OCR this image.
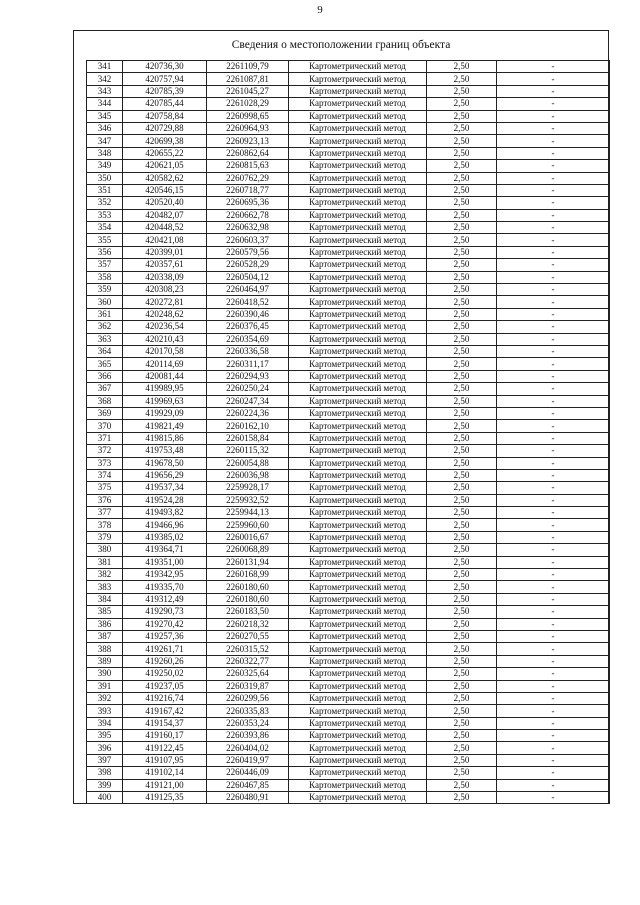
9
Сведения о местоположении границ объекта
341	420736,30	2261109,79	Картометрический метод	2,50	-
342	420757,94	2261087,81	Картометрический метод	2,50	-
343	420785,39	2261045,27	Картометрический метод	2,50	-
344	420785,44	2261028,29	Картометрический метод	2,50	-
345	420758,84	2260998,65	Картометрический метод	2,50	-
346	420729,88	2260964,93	Картометрический метод	2,50	-
347	420699,38	2260923,13	Картометрический метод	2,50	-
348	420655,22	2260862,64	Картометрический метод	2,50	-
349	420621,05	2260815,63	Картометрический метод	2,50	-
350	420582,62	2260762,29	Картометрический метод	2,50	-
351	420546,15	2260718,77	Картометрический метод	2,50	-
352	420520,40	2260695,36	Картометрический метод	2,50	-
353	420482,07	2260662,78	Картометрический метод	2,50	-
354	420448,52	2260632,98	Картометрический метод	2,50	-
355	420421,08	2260603,37	Картометрический метод	2,50	-
356	420399,01	2260579,56	Картометрический метод	2,50	-
357	420357,61	2260528,29	Картометрический метод	2,50	-
358	420338,09	2260504,12	Картометрический метод	2,50	-
359	420308,23	2260464,97	Картометрический метод	2,50	-
360	420272,81	2260418,52	Картометрический метод	2,50	-
361	420248,62	2260390,46	Картометрический метод	2,50	-
362	420236,54	2260376,45	Картометрический метод	2,50	-
363	420210,43	2260354,69	Картометрический метод	2,50	-
364	420170,58	2260336,58	Картометрический метод	2,50	-
365	420114,69	2260311,17	Картометрический метод	2,50	-
366	420081,44	2260294,93	Картометрический метод	2,50	-
367	419989,95	2260250,24	Картометрический метод	2,50	-
368	419969,63	2260247,34	Картометрический метод	2,50	-
369	419929,09	2260224,36	Картометрический метод	2,50	-
370	419821,49	2260162,10	Картометрический метод	2,50	-
371	419815,86	2260158,84	Картометрический метод	2,50	-
372	419753,48	2260115,32	Картометрический метод	2,50	-
373	419678,50	2260054,88	Картометрический метод	2,50	-
374	419656,29	2260036,98	Картометрический метод	2,50	-
375	419537,34	2259928,17	Картометрический метод	2,50	-
376	419524,28	2259932,52	Картометрический метод	2,50	-
377	419493,82	2259944,13	Картометрический метод	2,50	-
378	419466,96	2259960,60	Картометрический метод	2,50	-
379	419385,02	2260016,67	Картометрический метод	2,50	-
380	419364,71	2260068,89	Картометрический метод	2,50	-
381	419351,00	2260131,94	Картометрический метод	2,50	-
382	419342,95	2260168,99	Картометрический метод	2,50	-
383	419335,70	2260180,60	Картометрический метод	2,50	-
384	419312,49	2260180,60	Картометрический метод	2,50	-
385	419290,73	2260183,50	Картометрический метод	2,50	-
386	419270,42	2260218,32	Картометрический метод	2,50	-
387	419257,36	2260270,55	Картометрический метод	2,50	-
388	419261,71	2260315,52	Картометрический метод	2,50	-
389	419260,26	2260322,77	Картометрический метод	2,50	-
390	419250,02	2260325,64	Картометрический метод	2,50	-
391	419237,05	2260319,87	Картометрический метод	2,50	-
392	419216,74	2260299,56	Картометрический метод	2,50	-
393	419167,42	2260335,83	Картометрический метод	2,50	-
394	419154,37	2260353,24	Картометрический метод	2,50	-
395	419160,17	2260393,86	Картометрический метод	2,50	-
396	419122,45	2260404,02	Картометрический метод	2,50	-
397	419107,95	2260419,97	Картометрический метод	2,50	-
398	419102,14	2260446,09	Картометрический метод	2,50	-
399	419121,00	2260467,85	Картометрический метод	2,50	-
400	419125,35	2260480,91	Картометрический метод	2,50	-
